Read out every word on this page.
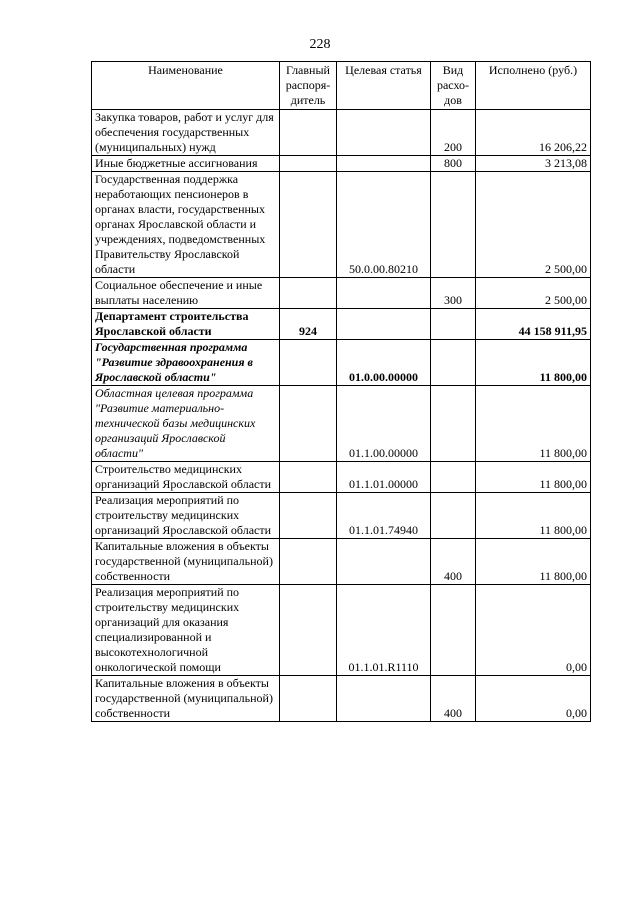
228
Наименование	Главный распоря-дитель	Целевая статья	Вид расхо-дов	Исполнено (руб.)
Закупка товаров, работ и услуг для обеспечения государственных (муниципальных) нужд			200	16 206,22
Иные бюджетные ассигнования			800	3 213,08
Государственная поддержка неработающих пенсионеров в органах власти, государственных органах Ярославской области и учреждениях, подведомственных Правительству Ярославской области		50.0.00.80210		2 500,00
Социальное обеспечение и иные выплаты населению			300	2 500,00
Департамент строительства Ярославской области	924			44 158 911,95
Государственная программа "Развитие здравоохранения в Ярославской области"		01.0.00.00000		11 800,00
Областная целевая программа "Развитие материально-технической базы медицинских организаций Ярославской области"		01.1.00.00000		11 800,00
Строительство медицинских организаций Ярославской области		01.1.01.00000		11 800,00
Реализация мероприятий по строительству медицинских организаций Ярославской области		01.1.01.74940		11 800,00
Капитальные вложения в объекты государственной (муниципальной) собственности			400	11 800,00
Реализация мероприятий по строительству медицинских организаций для оказания специализированной и высокотехнологичной онкологической помощи		01.1.01.R1110		0,00
Капитальные вложения в объекты государственной (муниципальной) собственности			400	0,00
